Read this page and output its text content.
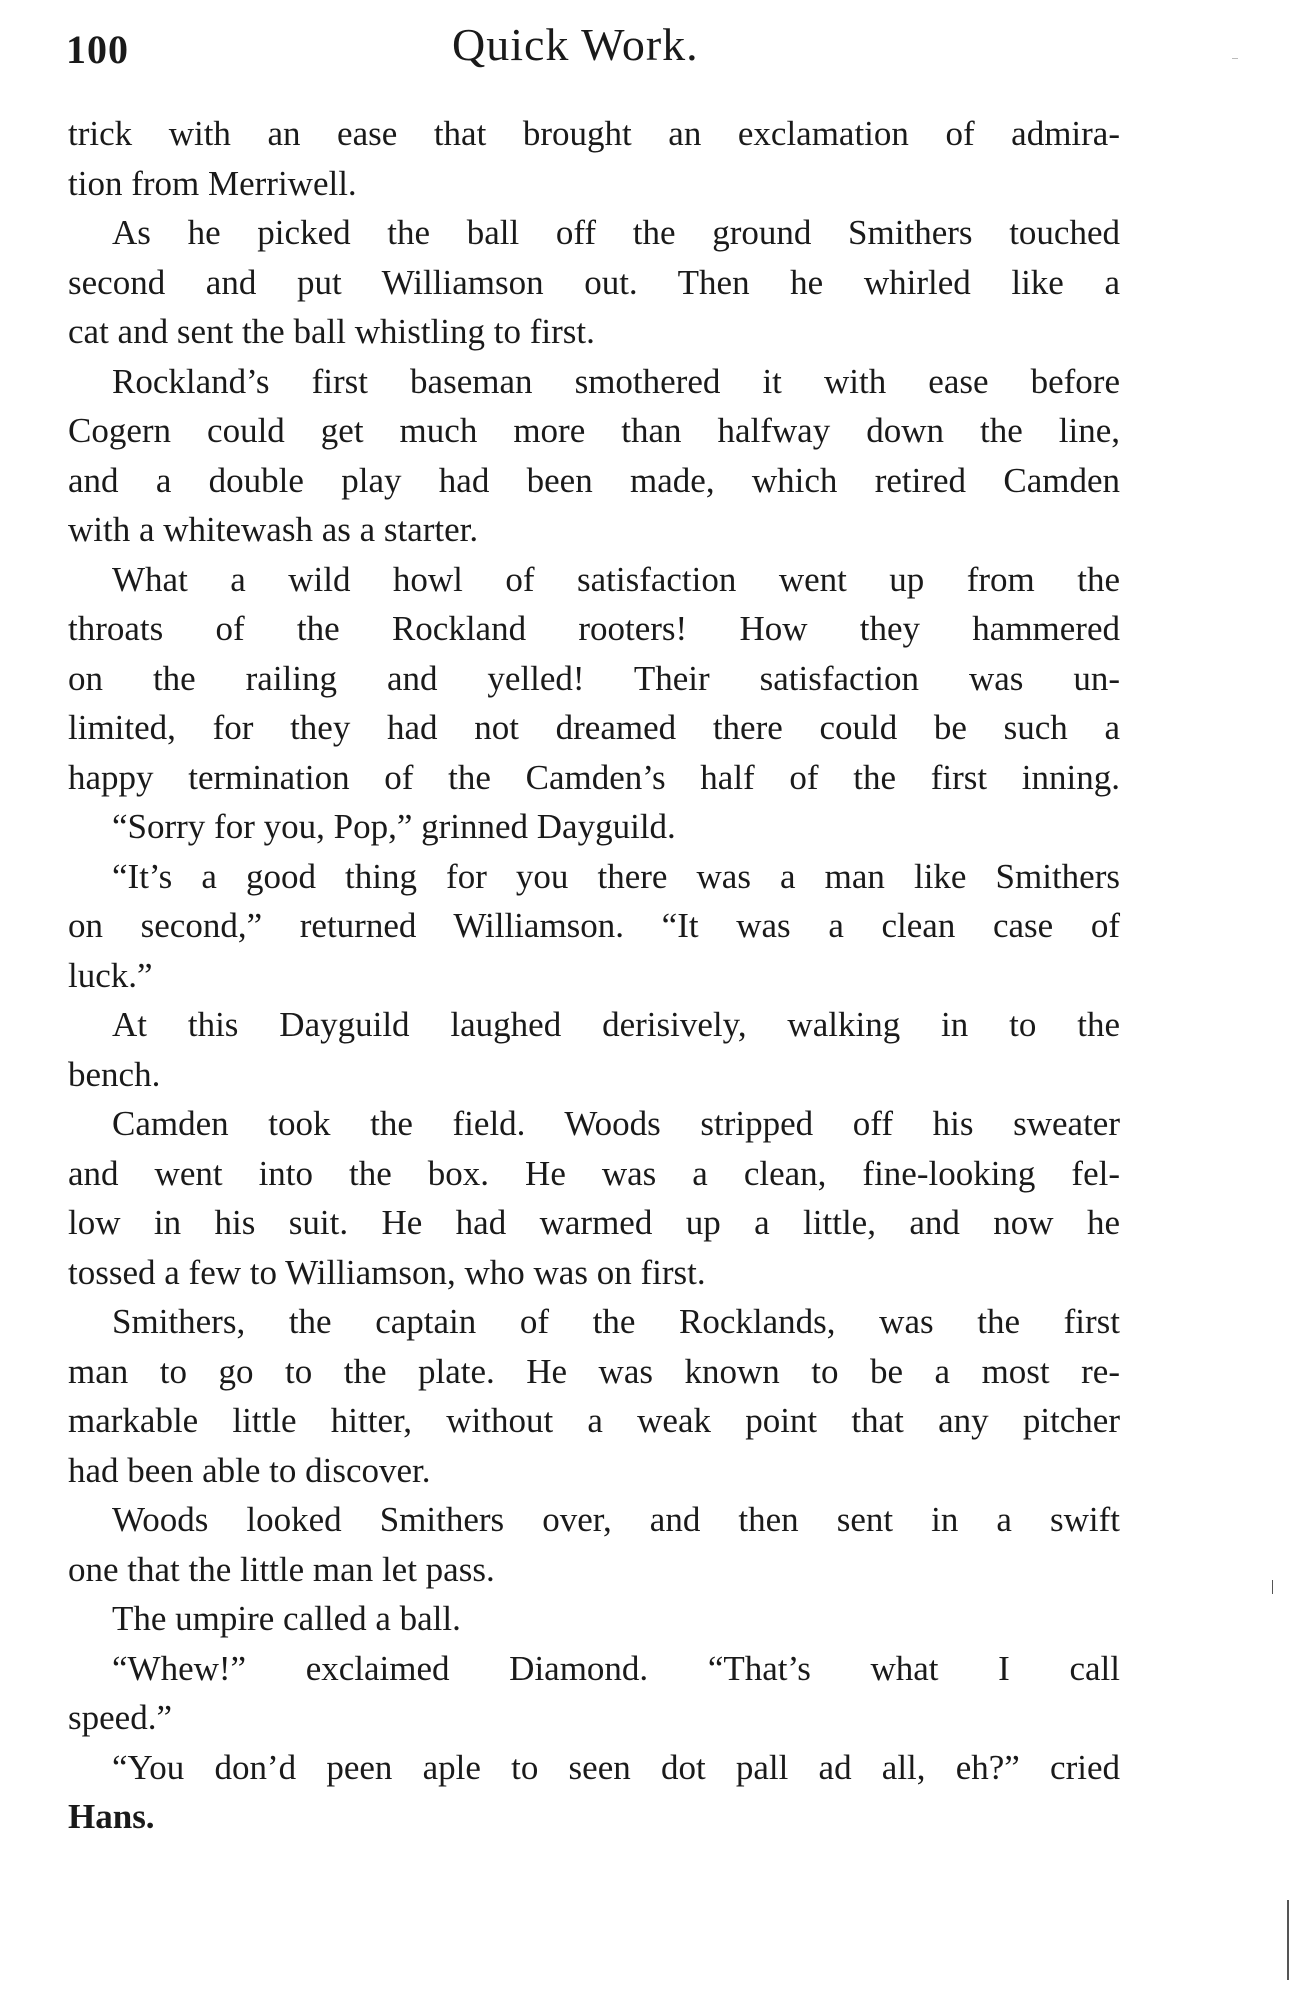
100	Quick Work.
trick with an ease that brought an exclamation of admira-
tion from Merriwell.
As he picked the ball off the ground Smithers touched
second and put Williamson out. Then he whirled like a
cat and sent the ball whistling to first.
Rockland’s first baseman smothered it with ease before
Cogern could get much more than halfway down the line,
and a double play had been made, which retired Camden
with a whitewash as a starter.
What a wild howl of satisfaction went up from the
throats of the Rockland rooters! How they hammered
on the railing and yelled! Their satisfaction was un-
limited, for they had not dreamed there could be such a
happy termination of the Camden’s half of the first inning.
“Sorry for you, Pop,” grinned Dayguild.
“It’s a good thing for you there was a man like Smithers
on second,” returned Williamson. “It was a clean case of
luck.”
At this Dayguild laughed derisively, walking in to the
bench.
Camden took the field. Woods stripped off his sweater
and went into the box. He was a clean, fine-looking fel-
low in his suit. He had warmed up a little, and now he
tossed a few to Williamson, who was on first.
Smithers, the captain of the Rocklands, was the first
man to go to the plate. He was known to be a most re-
markable little hitter, without a weak point that any pitcher
had been able to discover.
Woods looked Smithers over, and then sent in a swift
one that the little man let pass.
The umpire called a ball.
“Whew!” exclaimed Diamond. “That’s what I call
speed.”
“You don’d peen aple to seen dot pall ad all, eh?” cried
Hans.
